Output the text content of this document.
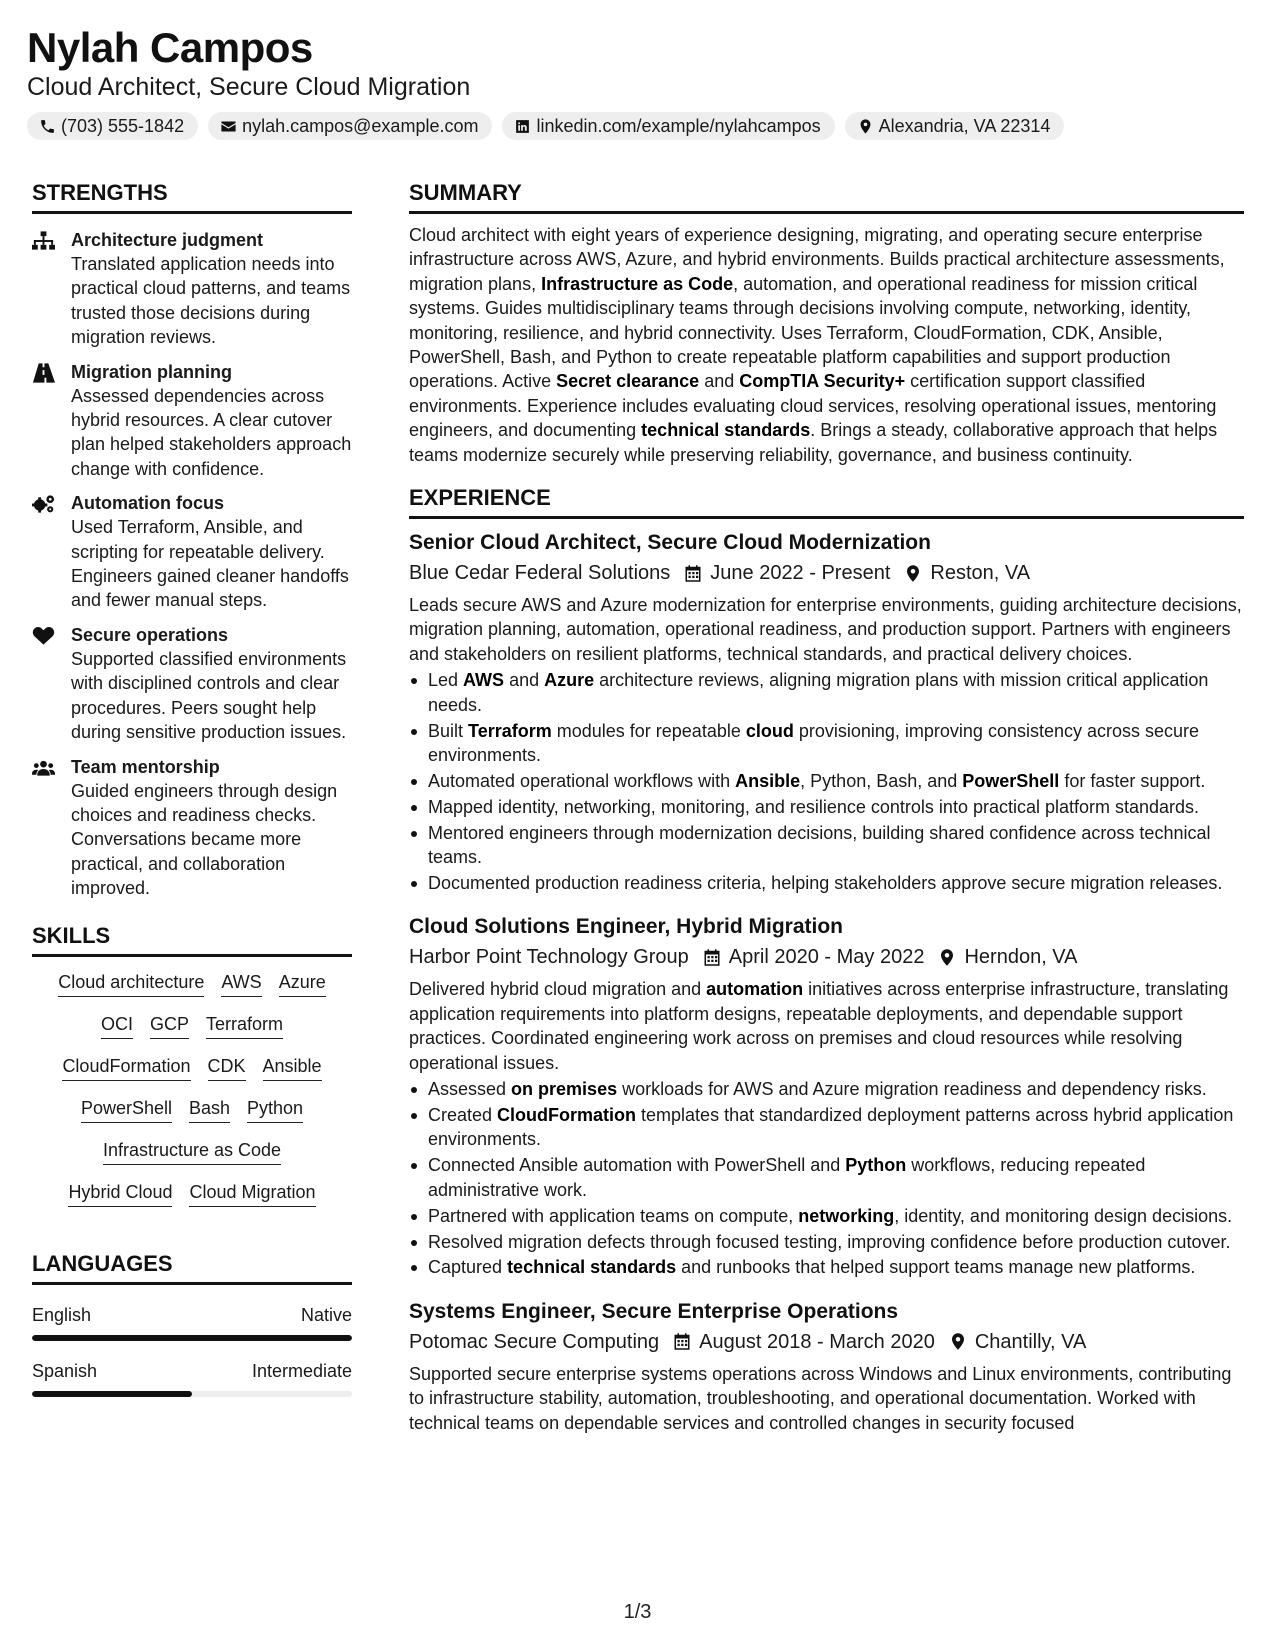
Nylah Campos
Cloud Architect, Secure Cloud Migration
(703) 555-1842	nylah.campos@example.com	linkedin.com/example/nylahcampos	Alexandria, VA 22314
STRENGTHS
Architecture judgment
Translated application needs into practical cloud patterns, and teams trusted those decisions during migration reviews.
Migration planning
Assessed dependencies across hybrid resources. A clear cutover plan helped stakeholders approach change with confidence.
Automation focus
Used Terraform, Ansible, and scripting for repeatable delivery. Engineers gained cleaner handoffs and fewer manual steps.
Secure operations
Supported classified environments with disciplined controls and clear procedures. Peers sought help during sensitive production issues.
Team mentorship
Guided engineers through design choices and readiness checks. Conversations became more practical, and collaboration improved.
SKILLS
Cloud architecture AWS Azure
OCI GCP Terraform
CloudFormation CDK Ansible
PowerShell Bash Python
Infrastructure as Code
Hybrid Cloud Cloud Migration
LANGUAGES
English	Native
Spanish	Intermediate
SUMMARY
Cloud architect with eight years of experience designing, migrating, and operating secure enterprise infrastructure across AWS, Azure, and hybrid environments. Builds practical architecture assessments, migration plans, Infrastructure as Code, automation, and operational readiness for mission critical systems. Guides multidisciplinary teams through decisions involving compute, networking, identity, monitoring, resilience, and hybrid connectivity. Uses Terraform, CloudFormation, CDK, Ansible, PowerShell, Bash, and Python to create repeatable platform capabilities and support production operations. Active Secret clearance and CompTIA Security+ certification support classified environments. Experience includes evaluating cloud services, resolving operational issues, mentoring engineers, and documenting technical standards. Brings a steady, collaborative approach that helps teams modernize securely while preserving reliability, governance, and business continuity.
EXPERIENCE
Senior Cloud Architect, Secure Cloud Modernization
Blue Cedar Federal Solutions June 2022 - Present Reston, VA
Leads secure AWS and Azure modernization for enterprise environments, guiding architecture decisions, migration planning, automation, operational readiness, and production support. Partners with engineers and stakeholders on resilient platforms, technical standards, and practical delivery choices.
Led AWS and Azure architecture reviews, aligning migration plans with mission critical application needs.
Built Terraform modules for repeatable cloud provisioning, improving consistency across secure environments.
Automated operational workflows with Ansible, Python, Bash, and PowerShell for faster support.
Mapped identity, networking, monitoring, and resilience controls into practical platform standards.
Mentored engineers through modernization decisions, building shared confidence across technical teams.
Documented production readiness criteria, helping stakeholders approve secure migration releases.
Cloud Solutions Engineer, Hybrid Migration
Harbor Point Technology Group April 2020 - May 2022 Herndon, VA
Delivered hybrid cloud migration and automation initiatives across enterprise infrastructure, translating application requirements into platform designs, repeatable deployments, and dependable support practices. Coordinated engineering work across on premises and cloud resources while resolving operational issues.
Assessed on premises workloads for AWS and Azure migration readiness and dependency risks.
Created CloudFormation templates that standardized deployment patterns across hybrid application environments.
Connected Ansible automation with PowerShell and Python workflows, reducing repeated administrative work.
Partnered with application teams on compute, networking, identity, and monitoring design decisions.
Resolved migration defects through focused testing, improving confidence before production cutover.
Captured technical standards and runbooks that helped support teams manage new platforms.
Systems Engineer, Secure Enterprise Operations
Potomac Secure Computing August 2018 - March 2020 Chantilly, VA
Supported secure enterprise systems operations across Windows and Linux environments, contributing to infrastructure stability, automation, troubleshooting, and operational documentation. Worked with technical teams on dependable services and controlled changes in security focused
1/3
